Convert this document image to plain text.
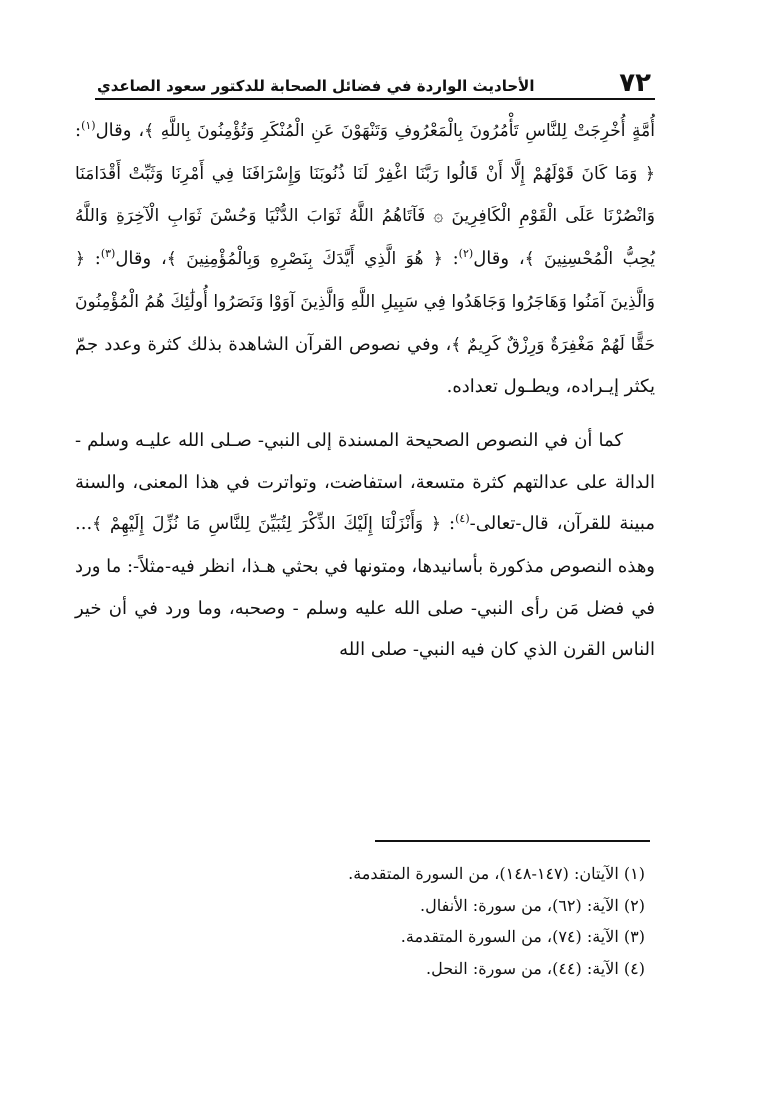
٧٢
الأحاديث الواردة في فضائل الصحابة للدكتور سعود الصاعدي

أُمَّةٍ أُخْرِجَتْ لِلنَّاسِ تَأْمُرُونَ بِالْمَعْرُوفِ وَتَنْهَوْنَ عَنِ الْمُنْكَرِ وَتُؤْمِنُونَ بِاللَّهِ ﴾، وقال$^{(١)}$: ﴿ وَمَا كَانَ قَوْلَهُمْ إِلَّا أَنْ قَالُوا رَبَّنَا اغْفِرْ لَنَا ذُنُوبَنَا وَإِسْرَافَنَا فِي أَمْرِنَا وَثَبِّتْ أَقْدَامَنَا وَانْصُرْنَا عَلَى الْقَوْمِ الْكَافِرِينَ ۞ فَآتَاهُمُ اللَّهُ ثَوَابَ الدُّنْيَا وَحُسْنَ ثَوَابِ الْآخِرَةِ وَاللَّهُ يُحِبُّ الْمُحْسِنِينَ ﴾، وقال$^{(٢)}$: ﴿ هُوَ الَّذِي أَيَّدَكَ بِنَصْرِهِ وَبِالْمُؤْمِنِينَ ﴾، وقال$^{(٣)}$: ﴿ وَالَّذِينَ آمَنُوا وَهَاجَرُوا وَجَاهَدُوا فِي سَبِيلِ اللَّهِ وَالَّذِينَ آوَوْا وَنَصَرُوا أُولَٰئِكَ هُمُ الْمُؤْمِنُونَ حَقًّا لَهُمْ مَغْفِرَةٌ وَرِزْقٌ كَرِيمٌ ﴾، وفي نصوص القرآن الشاهدة بذلك كثرة وعدد جمّ يكثر إيـراده، ويطـول تعداده.

كما أن في النصوص الصحيحة المسندة إلى النبي- صـلى الله عليـه وسلم - الدالة على عدالتهم كثرة متسعة، استفاضت، وتواترت في هذا المعنى، والسنة مبينة للقرآن، قال-تعالى-$^{(٤)}$: ﴿ وَأَنْزَلْنَا إِلَيْكَ الذِّكْرَ لِتُبَيِّنَ لِلنَّاسِ مَا نُزِّلَ إِلَيْهِمْ ﴾... وهذه النصوص مذكورة بأسانيدها، ومتونها في بحثي هـذا، انظر فيه-مثلاً-: ما ورد في فضل مَن رأى النبي- صلى الله عليه وسلم - وصحبه، وما ورد في أن خير الناس القرن الذي كان فيه النبي- صلى الله

(١) الآيتان: (١٤٧-١٤٨)، من السورة المتقدمة.
(٢) الآية: (٦٢)، من سورة: الأنفال.
(٣) الآية: (٧٤)، من السورة المتقدمة.
(٤) الآية: (٤٤)، من سورة: النحل.
